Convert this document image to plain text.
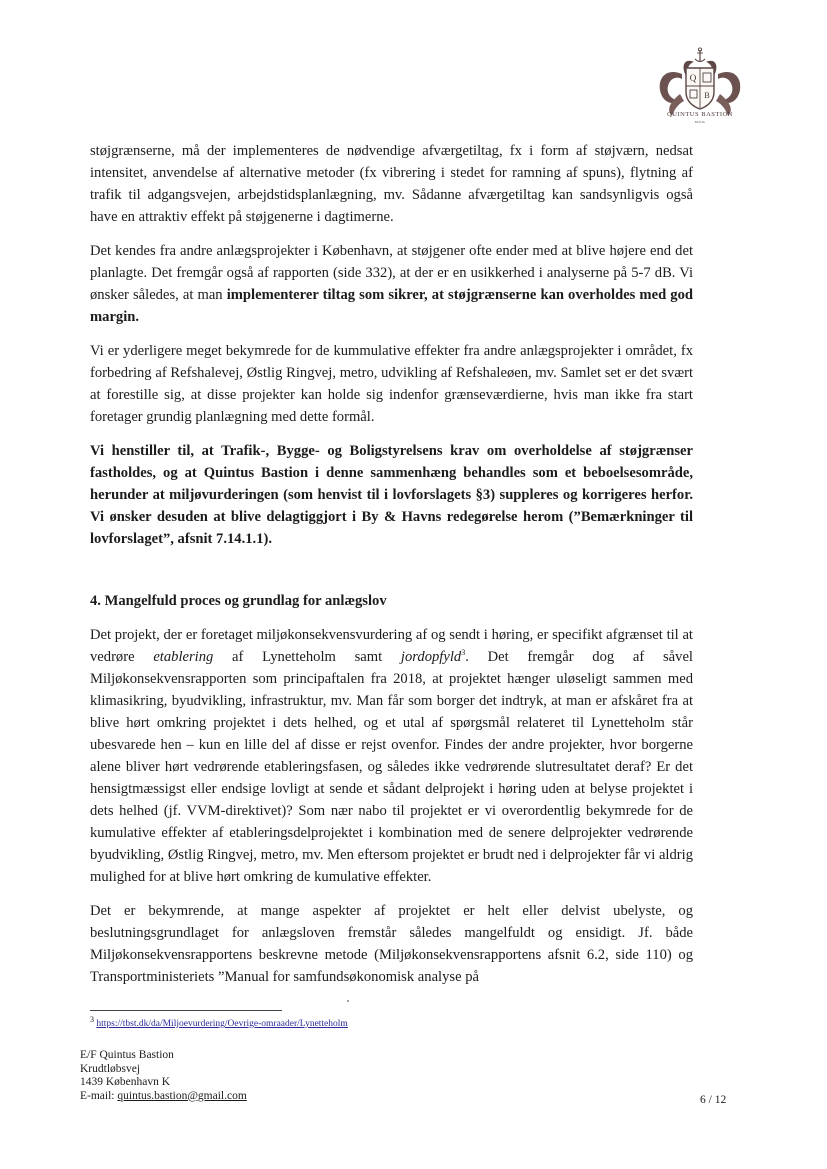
Q
B
QUINTUS BASTION
BOLIG

støjgrænserne, må der implementeres de nødvendige afværgetiltag, fx i form af støjværn, nedsat intensitet, anvendelse af alternative metoder (fx vibrering i stedet for ramning af spuns), flytning af trafik til adgangsvejen, arbejdstidsplanlægning, mv. Sådanne afværgetiltag kan sandsynligvis også have en attraktiv effekt på støjgenerne i dagtimerne.

Det kendes fra andre anlægsprojekter i København, at støjgener ofte ender med at blive højere end det planlagte. Det fremgår også af rapporten (side 332), at der er en usikkerhed i analyserne på 5-7 dB. Vi ønsker således, at man implementerer tiltag som sikrer, at støjgrænserne kan overholdes med god margin.

Vi er yderligere meget bekymrede for de kummulative effekter fra andre anlægsprojekter i området, fx forbedring af Refshalevej, Østlig Ringvej, metro, udvikling af Refshaleøen, mv. Samlet set er det svært at forestille sig, at disse projekter kan holde sig indenfor grænseværdierne, hvis man ikke fra start foretager grundig planlægning med dette formål.

Vi henstiller til, at Trafik-, Bygge- og Boligstyrelsens krav om overholdelse af støjgrænser fastholdes, og at Quintus Bastion i denne sammenhæng behandles som et beboelsesområde, herunder at miljøvurderingen (som henvist til i lovforslagets §3) suppleres og korrigeres herfor. Vi ønsker desuden at blive delagtiggjort i By & Havns redegørelse herom (”Bemærkninger til lovforslaget”, afsnit 7.14.1.1).

4. Mangelfuld proces og grundlag for anlægslov

Det projekt, der er foretaget miljøkonsekvensvurdering af og sendt i høring, er specifikt afgrænset til at vedrøre etablering af Lynetteholm samt jordopfyld$^3$. Det fremgår dog af såvel Miljøkonsekvensrapporten som principaftalen fra 2018, at projektet hænger uløseligt sammen med klimasikring, byudvikling, infrastruktur, mv. Man får som borger det indtryk, at man er afskåret fra at blive hørt omkring projektet i dets helhed, og et utal af spørgsmål relateret til Lynetteholm står ubesvarede hen – kun en lille del af disse er rejst ovenfor. Findes der andre projekter, hvor borgerne alene bliver hørt vedrørende etableringsfasen, og således ikke vedrørende slutresultatet deraf? Er det hensigtmæssigst eller endsige lovligt at sende et sådant delprojekt i høring uden at belyse projektet i dets helhed (jf. VVM-direktivet)? Som nær nabo til projektet er vi overordentlig bekymrede for de kumulative effekter af etableringsdelprojektet i kombination med de senere delprojekter vedrørende byudvikling, Østlig Ringvej, metro, mv. Men eftersom projektet er brudt ned i delprojekter får vi aldrig mulighed for at blive hørt omkring de kumulative effekter.

Det er bekymrende, at mange aspekter af projektet er helt eller delvist ubelyste, og beslutningsgrundlaget for anlægsloven fremstår således mangelfuldt og ensidigt. Jf. både Miljøkonsekvensrapportens beskrevne metode (Miljøkonsekvensrapportens afsnit 6.2, side 110) og Transportministeriets ”Manual for samfundsøkonomisk analyse på

$^3$ https://tbst.dk/da/Miljoevurdering/Oevrige-omraader/Lynetteholm
E/F Quintus Bastion
Krudtløbsvej
1439 København K
E-mail: quintus.bastion@gmail.com	6 / 12
